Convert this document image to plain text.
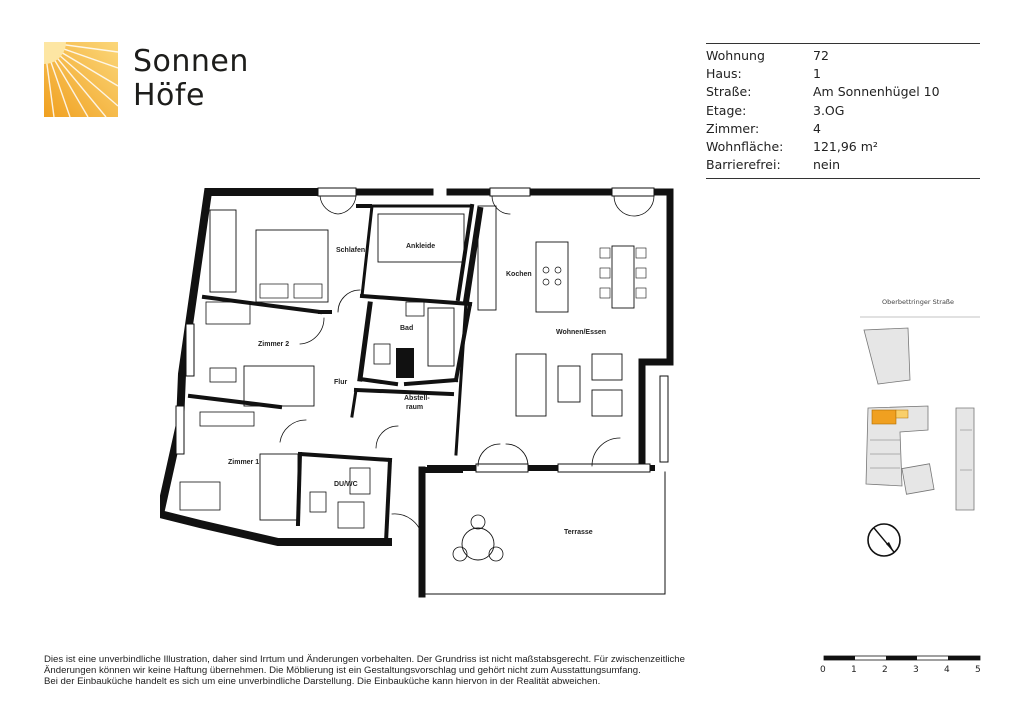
Sonnen
Höfe
Wohnung	72
Haus:	1
Straße:	Am Sonnenhügel 10
Etage:	3.OG
Zimmer:	4
Wohnfläche:	121,96 m²
Barrierefrei:	nein
Schlafen
Ankleide
Kochen
Bad
Wohnen/Essen
Zimmer 2
Flur
Abstell-
raum
Zimmer 1
DU/WC
Terrasse
Oberbettringer Straße
Dies ist eine unverbindliche Illustration, daher sind Irrtum und Änderungen vorbehalten. Der Grundriss ist nicht maßstabsgerecht. Für zwischenzeitliche
Änderungen können wir keine Haftung übernehmen. Die Möblierung ist ein Gestaltungsvorschlag und gehört nicht zum Ausstattungsumfang.
Bei der Einbauküche handelt es sich um eine unverbindliche Darstellung. Die Einbauküche kann hiervon in der Realität abweichen.
0	1	2	3	4	5
